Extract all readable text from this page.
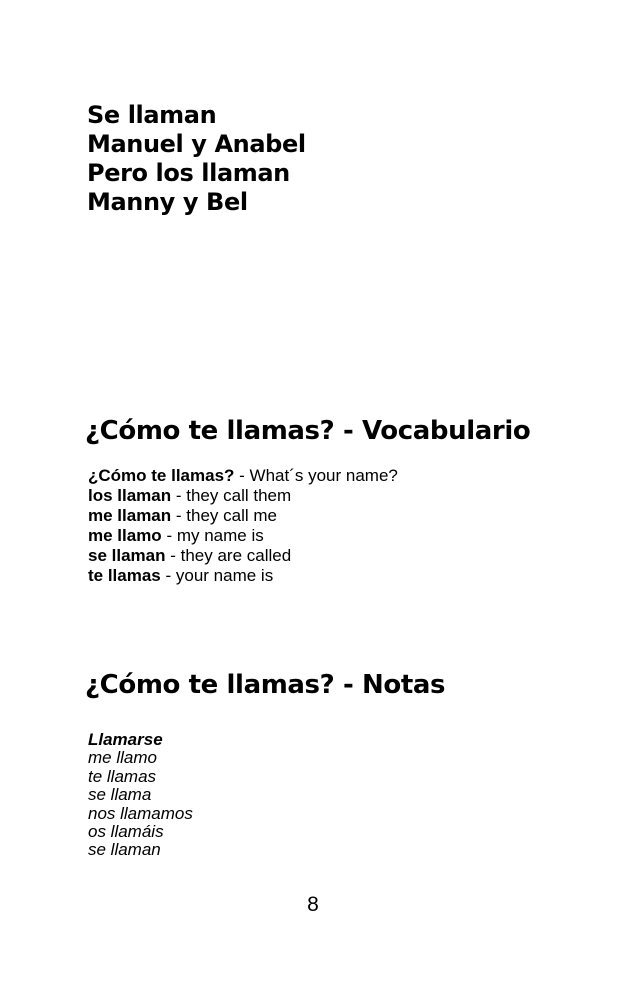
Se llaman
Manuel y Anabel
Pero los llaman
Manny y Bel
¿Cómo te llamas? - Vocabulario
¿Cómo te llamas? - What´s your name?
los llaman - they call them
me llaman - they call me
me llamo - my name is
se llaman - they are called
te llamas - your name is
¿Cómo te llamas? - Notas
Llamarse
me llamo
te llamas
se llama
nos llamamos
os llamáis
se llaman
8
